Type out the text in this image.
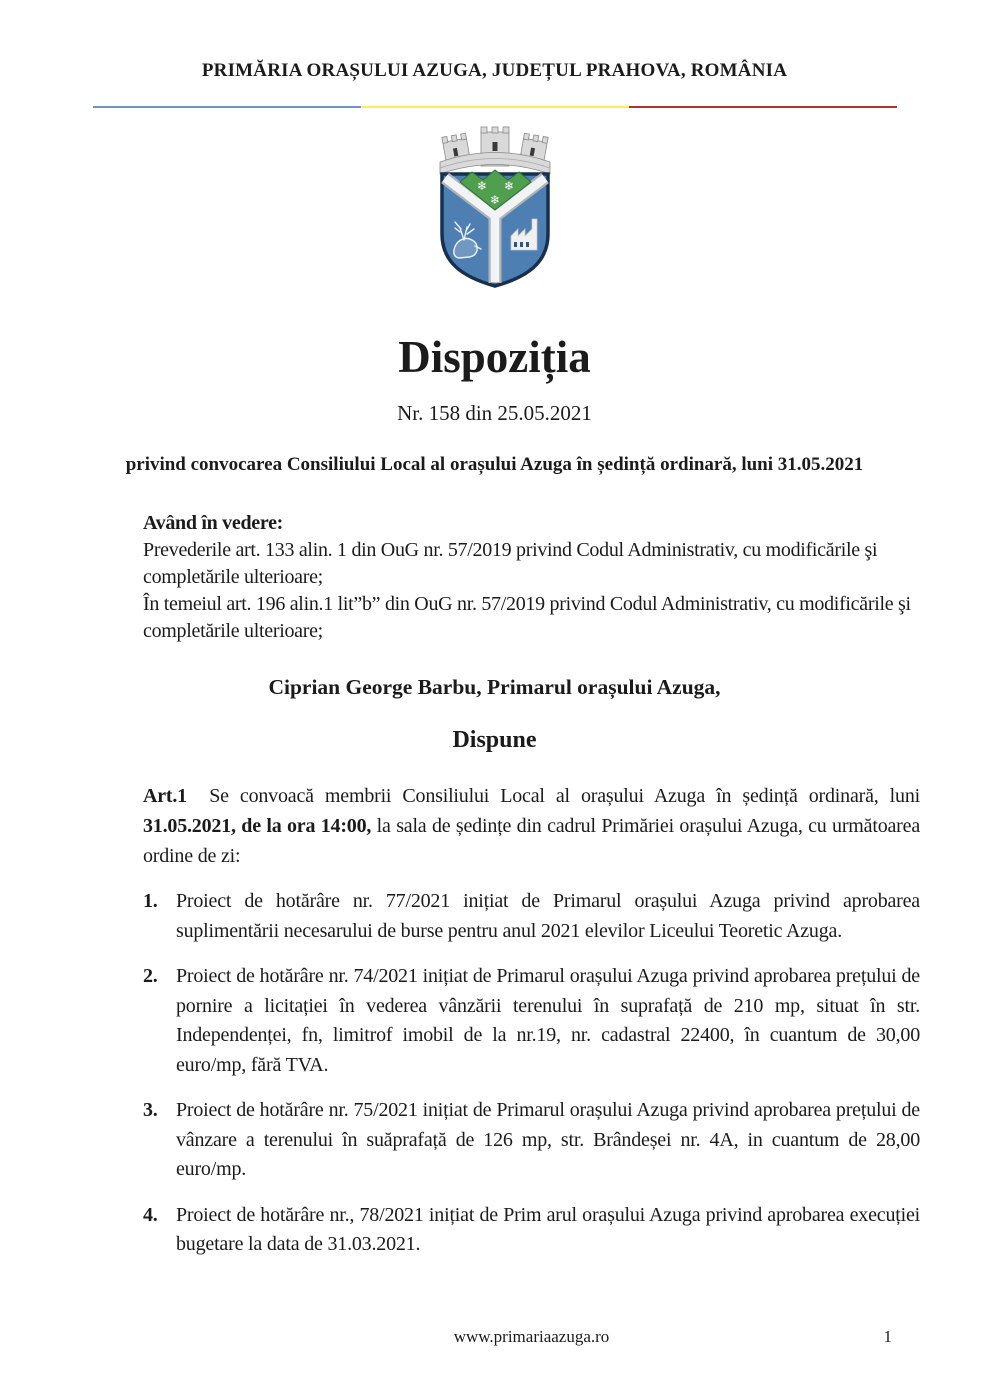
PRIMĂRIA ORAȘULUI AZUGA, JUDEȚUL PRAHOVA, ROMÂNIA
❄ ❄
❄
Dispoziția
Nr. 158 din 25.05.2021
privind convocarea Consiliului Local al orașului Azuga în ședință ordinară, luni 31.05.2021
Având în vedere:
Prevederile art. 133 alin. 1 din OuG nr. 57/2019 privind Codul Administrativ, cu modificările şi completările ulterioare;
În temeiul art. 196 alin.1 lit”b” din OuG nr. 57/2019 privind Codul Administrativ, cu modificările şi completările ulterioare;
Ciprian George Barbu, Primarul orașului Azuga,
Dispune

Art.1 Se convoacă membrii Consiliului Local al orașului Azuga în ședință ordinară, luni 31.05.2021, de la ora 14:00, la sala de ședințe din cadrul Primăriei orașului Azuga, cu următoarea ordine de zi:

1. Proiect de hotărâre nr. 77/2021 inițiat de Primarul orașului Azuga privind aprobarea suplimentării necesarului de burse pentru anul 2021 elevilor Liceului Teoretic Azuga.
2. Proiect de hotărâre nr. 74/2021 inițiat de Primarul orașului Azuga privind aprobarea prețului de pornire a licitației în vederea vânzării terenului în suprafață de 210 mp, situat în str. Independenței, fn, limitrof imobil de la nr.19, nr. cadastral 22400, în cuantum de 30,00 euro/mp, fără TVA.
3. Proiect de hotărâre nr. 75/2021 inițiat de Primarul orașului Azuga privind aprobarea prețului de vânzare a terenului în suăprafață de 126 mp, str. Brândeșei nr. 4A, in cuantum de 28,00 euro/mp.
4. Proiect de hotărâre nr., 78/2021 inițiat de Prim arul orașului Azuga privind aprobarea execuției bugetare la data de 31.03.2021.
www.primariaazuga.ro	1
